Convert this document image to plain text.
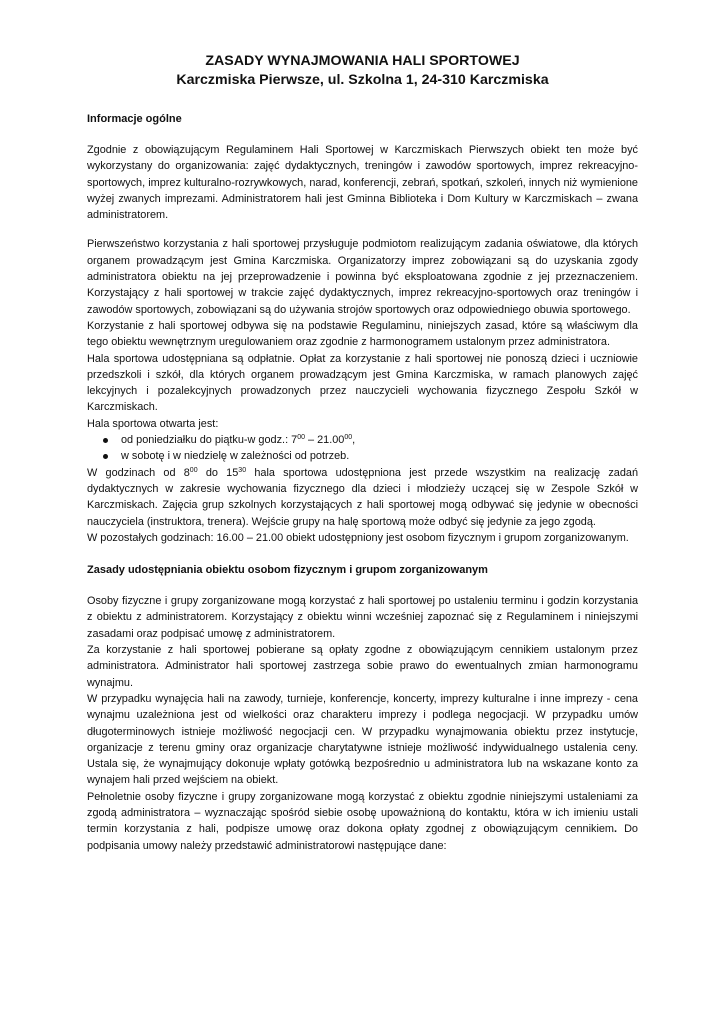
ZASADY WYNAJMOWANIA HALI SPORTOWEJ

Karczmiska Pierwsze, ul. Szkolna 1, 24-310 Karczmiska

Informacje ogólne

Zgodnie z obowiązującym Regulaminem Hali Sportowej w Karczmiskach Pierwszych obiekt ten może być wykorzystany do organizowania: zajęć dydaktycznych, treningów i zawodów sportowych, imprez rekreacyjno-sportowych, imprez kulturalno-rozrywkowych, narad, konferencji, zebrań, spotkań, szkoleń, innych niż wymienione wyżej zwanych imprezami. Administratorem hali jest Gminna Biblioteka i Dom Kultury w Karczmiskach – zwana administratorem.

Pierwszeństwo korzystania z hali sportowej przysługuje podmiotom realizującym zadania oświatowe, dla których organem prowadzącym jest Gmina Karczmiska. Organizatorzy imprez zobowiązani są do uzyskania zgody administratora obiektu na jej przeprowadzenie i powinna być eksploatowana zgodnie z jej przeznaczeniem. Korzystający z hali sportowej w trakcie zajęć dydaktycznych, imprez rekreacyjno-sportowych oraz treningów i zawodów sportowych, zobowiązani są do używania strojów sportowych oraz odpowiedniego obuwia sportowego.

Korzystanie z hali sportowej odbywa się na podstawie Regulaminu, niniejszych zasad, które są właściwym dla tego obiektu wewnętrznym uregulowaniem oraz zgodnie z harmonogramem ustalonym przez administratora.

Hala sportowa udostępniana są odpłatnie. Opłat za korzystanie z hali sportowej nie ponoszą dzieci i uczniowie przedszkoli i szkół, dla których organem prowadzącym jest Gmina Karczmiska, w ramach planowych zajęć lekcyjnych i pozalekcyjnych prowadzonych przez nauczycieli wychowania fizycznego Zespołu Szkół w Karczmiskach.

Hala sportowa otwarta jest:

od poniedziałku do piątku-w godz.: $7^{00} - 21.00^{00}$,
w sobotę i w niedzielę w zależności od potrzeb.

W godzinach od $8^{00}$ do $15^{30}$ hala sportowa udostępniona jest przede wszystkim na realizację zadań dydaktycznych w zakresie wychowania fizycznego dla dzieci i młodzieży uczącej się w Zespole Szkół w Karczmiskach. Zajęcia grup szkolnych korzystających z hali sportowej mogą odbywać się jedynie w obecności nauczyciela (instruktora, trenera). Wejście grupy na halę sportową może odbyć się jedynie za jego zgodą.

W pozostałych godzinach: 16.00 – 21.00 obiekt udostępniony jest osobom fizycznym i grupom zorganizowanym.

Zasady udostępniania obiektu osobom fizycznym i grupom zorganizowanym

Osoby fizyczne i grupy zorganizowane mogą korzystać z hali sportowej po ustaleniu terminu i godzin korzystania z obiektu z administratorem. Korzystający z obiektu winni wcześniej zapoznać się z Regulaminem i niniejszymi zasadami oraz podpisać umowę z administratorem.

Za korzystanie z hali sportowej pobierane są opłaty zgodne z obowiązującym cennikiem ustalonym przez administratora. Administrator hali sportowej zastrzega sobie prawo do ewentualnych zmian harmonogramu wynajmu.

W przypadku wynajęcia hali na zawody, turnieje, konferencje, koncerty, imprezy kulturalne i inne imprezy - cena wynajmu uzależniona jest od wielkości oraz charakteru imprezy i podlega negocjacji. W przypadku umów długoterminowych istnieje możliwość negocjacji cen. W przypadku wynajmowania obiektu przez instytucje, organizacje z terenu gminy oraz organizacje charytatywne istnieje możliwość indywidualnego ustalenia ceny. Ustala się, że wynajmujący dokonuje wpłaty gotówką bezpośrednio u administratora lub na wskazane konto za wynajem hali przed wejściem na obiekt.

Pełnoletnie osoby fizyczne i grupy zorganizowane mogą korzystać z obiektu zgodnie niniejszymi ustaleniami za zgodą administratora – wyznaczając spośród siebie osobę upoważnioną do kontaktu, która w ich imieniu ustali termin korzystania z hali, podpisze umowę oraz dokona opłaty zgodnej z obowiązującym cennikiem. Do podpisania umowy należy przedstawić administratorowi następujące dane:
